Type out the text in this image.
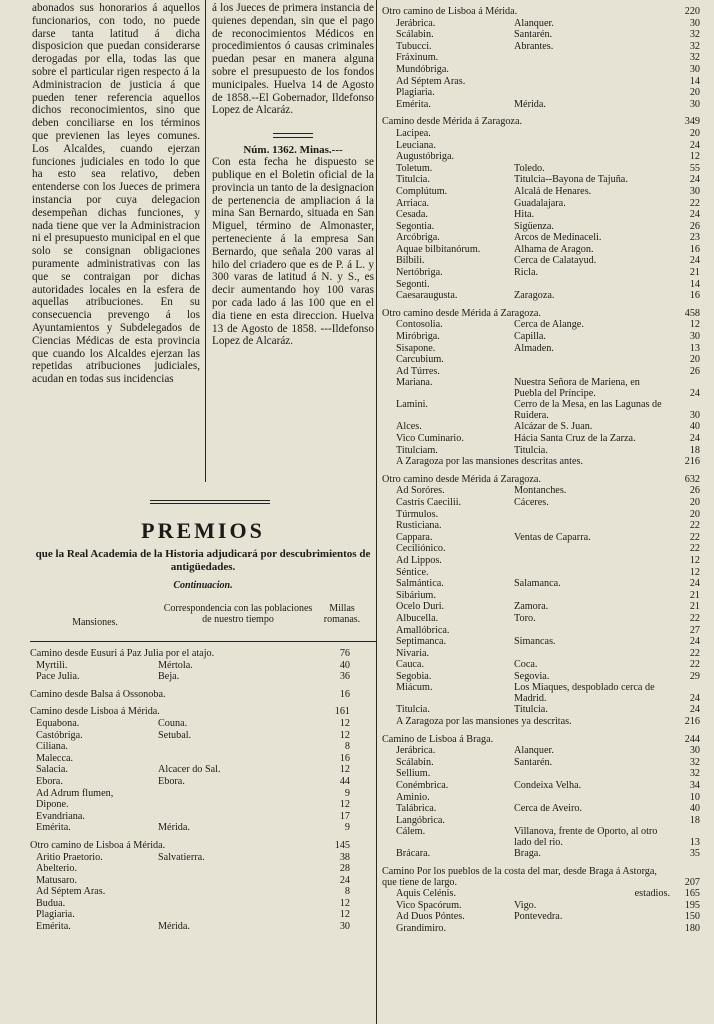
abonados sus honorarios á aquellos funcionarios, con todo, no puede darse tanta latitud á dicha disposicion que puedan considerarse derogadas por ella, todas las que sobre el particular rigen respecto á la Administracion de justicia á que pueden tener referencia aquellos dichos reconocimientos, sino que deben conciliarse en los términos que previenen las leyes comunes. Los Alcaldes, cuando ejerzan funciones judiciales en todo lo que ha esto sea relativo, deben entenderse con los Jueces de primera instancia por cuya delegacion desempeñan dichas funciones, y nada tiene que ver la Administracion ni el presupuesto municipal en el que solo se consignan obligaciones puramente administrativas con las que se contraigan por dichas autoridades locales en la esfera de aquellas atribuciones. En su consecuencia prevengo á los Ayuntamientos y Subdelegados de Ciencias Médicas de esta provincia que cuando los Alcaldes ejerzan las repetidas atribuciones judiciales, acudan en todas sus incidencias

á los Jueces de primera instancia de quienes dependan, sin que el pago de reconocimientos Médicos en procedimientos ó causas criminales puedan pesar en manera alguna sobre el presupuesto de los fondos municipales. Huelva 14 de Agosto de 1858.--El Gobernador, Ildefonso Lopez de Alcaráz.

Núm. 1362. Minas.---

Con esta fecha he dispuesto se publique en el Boletin oficial de la provincia un tanto de la designacion de pertenencia de ampliacion á la mina San Bernardo, situada en San Miguel, término de Almonaster, perteneciente á la empresa San Bernardo, que señala 200 varas al hilo del criadero que es de P. á L. y 300 varas de latitud á N. y S., es decir aumentando hoy 100 varas por cada lado á las 100 que en el dia tiene en esta direccion. Huelva 13 de Agosto de 1858. ---Ildefonso Lopez de Alcaráz.

PREMIOS
que la Real Academia de la Historia adjudicará por descubrimientos de antigüedades.
Continuacion.
Mansiones.
Correspondencia con las poblaciones de nuestro tiempo
Millas romanas.
Camino desde Eusuri á Paz Julia por el atajo.	76
Myrtili.	Mértola.	40
Pace Julia.	Beja.	36
Camino desde Balsa á Ossonoba.	16
Camino desde Lisboa á Mérida.	161
Equabona.	Couna.	12
Castóbriga.	Setubal.	12
Ciliana.	8
Malecca.	16
Salacia.	Alcacer do Sal.	12
Ebora.	Ebora.	44
Ad Adrum flumen,	9
Dipone.	12
Evandriana.	17
Emérita.	Mérida.	9
Otro camino de Lisboa á Mérida.	145
Aritio Praetorio.	Salvatierra.	38
Abelterio.	28
Matusaro.	24
Ad Séptem Aras.	8
Budua.	12
Plagiaria.	12
Emérita.	Mérida.	30
Otro camino de Lisboa á Mérida.	220
Jerábrica.	Alanquer.	30
Scálabin.	Santarén.	32
Tubucci.	Abrantes.	32
Fráxinum.	32
Mundóbriga.	30
Ad Séptem Aras.	14
Plagiaria.	20
Emérita.	Mérida.	30
Camino desde Mérida á Zaragoza.	349
Lacipea.	20
Leuciana.	24
Augustóbriga.	12
Toletum.	Toledo.	55
Titulcia.	Titulcia--Bayona de Tajuña.	24
Complútum.	Alcalá de Henares.	30
Arriaca.	Guadalajara.	22
Cesada.	Hita.	24
Segontia.	Sigüenza.	26
Arcóbriga.	Arcos de Medinaceli.	23
Aquae bilbitanórum.	Alhama de Aragon.	16
Bilbili.	Cerca de Calatayud.	24
Nertóbriga.	Ricla.	21
Segonti.	14
Caesaraugusta.	Zaragoza.	16
Otro camino desde Mérida á Zaragoza.	458
Contosolia.	Cerca de Alange.	12
Miróbriga.	Capilla.	30
Sisapone.	Almaden.	13
Carcubium.	20
Ad Túrres.	26
Mariana.	Nuestra Señora de Mariena, en Puebla del Príncipe.	24
Lamini.	Cerro de la Mesa, en las Lagunas de Ruidera.	30
Alces.	Alcázar de S. Juan.	40
Vico Cuminario.	Hácia Santa Cruz de la Zarza.	24
Titulciam.	Titulcia.	18
A Zaragoza por las mansiones descritas antes.	216
Otro camino desde Mérida á Zaragoza.	632
Ad Soróres.	Montanches.	26
Castris Caecilii.	Cáceres.	20
Túrmulos.	20
Rusticiana.	22
Cappara.	Ventas de Caparra.	22
Ceciliónico.	22
Ad Lippos.	12
Séntice.	12
Salmántica.	Salamanca.	24
Sibárium.	21
Ocelo Duri.	Zamora.	21
Albucella.	Toro.	22
Amallóbrica.	27
Septimanca.	Simancas.	24
Nivaria.	22
Cauca.	Coca.	22
Segobia.	Segovia.	29
Miácum.	Los Miaques, despoblado cerca de Madrid.	24
Titulcia.	Titulcia.	24
A Zaragoza por las mansiones ya descritas.	216
Camino de Lisboa á Braga.	244
Jerábrica.	Alanquer.	30
Scálabin.	Santarén.	32
Sellium.	32
Conémbrica.	Condeixa Velha.	34
Aminio.	10
Talábrica.	Cerca de Aveiro.	40
Langóbrica.	18
Cálem.	Villanova, frente de Oporto, al otro lado del rio.	13
Brácara.	Braga.	35
Camino Por los pueblos de la costa del mar, desde Braga á Astorga, que tiene de largo.	207
Aquis Celénis.	estadios. 165
Vico Spacórum.	Vigo.	195
Ad Duos Póntes.	Pontevedra.	150
Grandimiro.	180
